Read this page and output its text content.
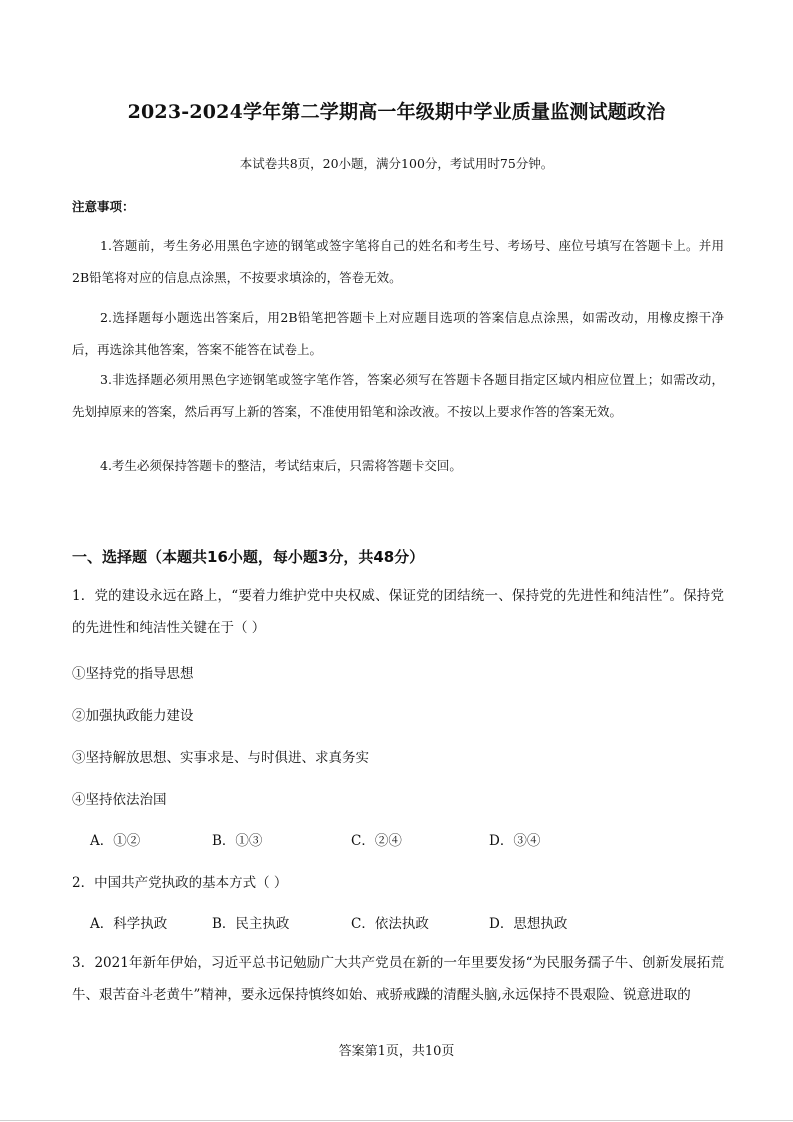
2023-2024学年第二学期高一年级期中学业质量监测试题政治
本试卷共8页，20小题，满分100分，考试用时75分钟。
注意事项：

1.答题前，考生务必用黑色字迹的钢笔或签字笔将自己的姓名和考生号、考场号、座位号填写在答题卡上。并用2B铅笔将对应的信息点涂黑，不按要求填涂的，答卷无效。

2.选择题每小题选出答案后，用2B铅笔把答题卡上对应题目选项的答案信息点涂黑，如需改动，用橡皮擦干净后，再选涂其他答案，答案不能答在试卷上。

3.非选择题必须用黑色字迹钢笔或签字笔作答，答案必须写在答题卡各题目指定区域内相应位置上；如需改动，先划掉原来的答案，然后再写上新的答案，不准使用铅笔和涂改液。不按以上要求作答的答案无效。

4.考生必须保持答题卡的整洁，考试结束后，只需将答题卡交回。

一、选择题（本题共16小题，每小题3分，共48分）

1．党的建设永远在路上，“要着力维护党中央权威、保证党的团结统一、保持党的先进性和纯洁性”。保持党的先进性和纯洁性关键在于（ ）

①坚持党的指导思想
②加强执政能力建设
③坚持解放思想、实事求是、与时俱进、求真务实
④坚持依法治国
A．①②	B．①③	C．②④	D．③④
2．中国共产党执政的基本方式（ ）
A．科学执政	B．民主执政	C．依法执政	D．思想执政

3．2021年新年伊始，习近平总书记勉励广大共产党员在新的一年里要发扬“为民服务孺子牛、创新发展拓荒牛、艰苦奋斗老黄牛”精神，要永远保持慎终如始、戒骄戒躁的清醒头脑,永远保持不畏艰险、锐意进取的

答案第1页，共10页
